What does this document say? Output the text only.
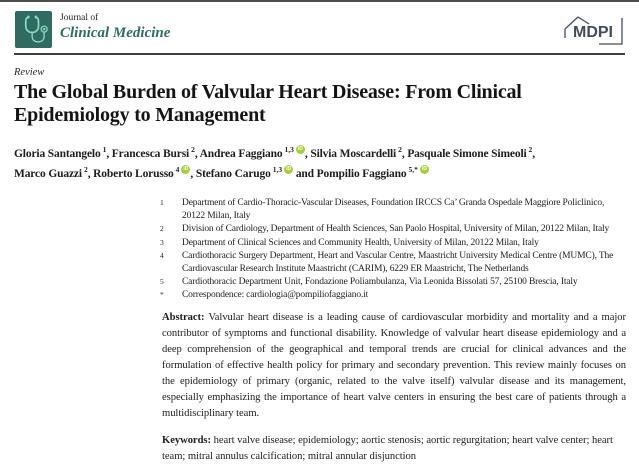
Journal of
Clinical Medicine	MDPI
Review
The Global Burden of Valvular Heart Disease: From Clinical
Epidemiology to Management
Gloria Santangelo $^1$, Francesca Bursi $^2$, Andrea Faggiano $^{1,3}$ iD , Silvia Moscardelli $^2$, Pasquale Simone Simeoli $^2$,
Marco Guazzi $^2$, Roberto Lorusso $^4$ iD , Stefano Carugo $^{1,3}$ iD and Pompilio Faggiano $^{5,*}$ iD
1	Department of Cardio-Thoracic-Vascular Diseases, Foundation IRCCS Ca’ Granda Ospedale Maggiore Policlinico, 20122 Milan, Italy
2	Division of Cardiology, Department of Health Sciences, San Paolo Hospital, University of Milan, 20122 Milan, Italy
3	Department of Clinical Sciences and Community Health, University of Milan, 20122 Milan, Italy
4	Cardiothoracic Surgery Department, Heart and Vascular Centre, Maastricht University Medical Centre (MUMC), The Cardiovascular Research Institute Maastricht (CARIM), 6229 ER Maastricht, The Netherlands
5	Cardiothoracic Department Unit, Fondazione Poliambulanza, Via Leonida Bissolati 57, 25100 Brescia, Italy
*	Correspondence: cardiologia@pompiliofaggiano.it

Abstract: Valvular heart disease is a leading cause of cardiovascular morbidity and mortality and a major contributor of symptoms and functional disability. Knowledge of valvular heart disease epidemiology and a deep comprehension of the geographical and temporal trends are crucial for clinical advances and the formulation of effective health policy for primary and secondary prevention. This review mainly focuses on the epidemiology of primary (organic, related to the valve itself) valvular disease and its management, especially emphasizing the importance of heart valve centers in ensuring the best care of patients through a multidisciplinary team.

Keywords: heart valve disease; epidemiology; aortic stenosis; aortic regurgitation; heart valve center; heart team; mitral annulus calcification; mitral annular disjunction
